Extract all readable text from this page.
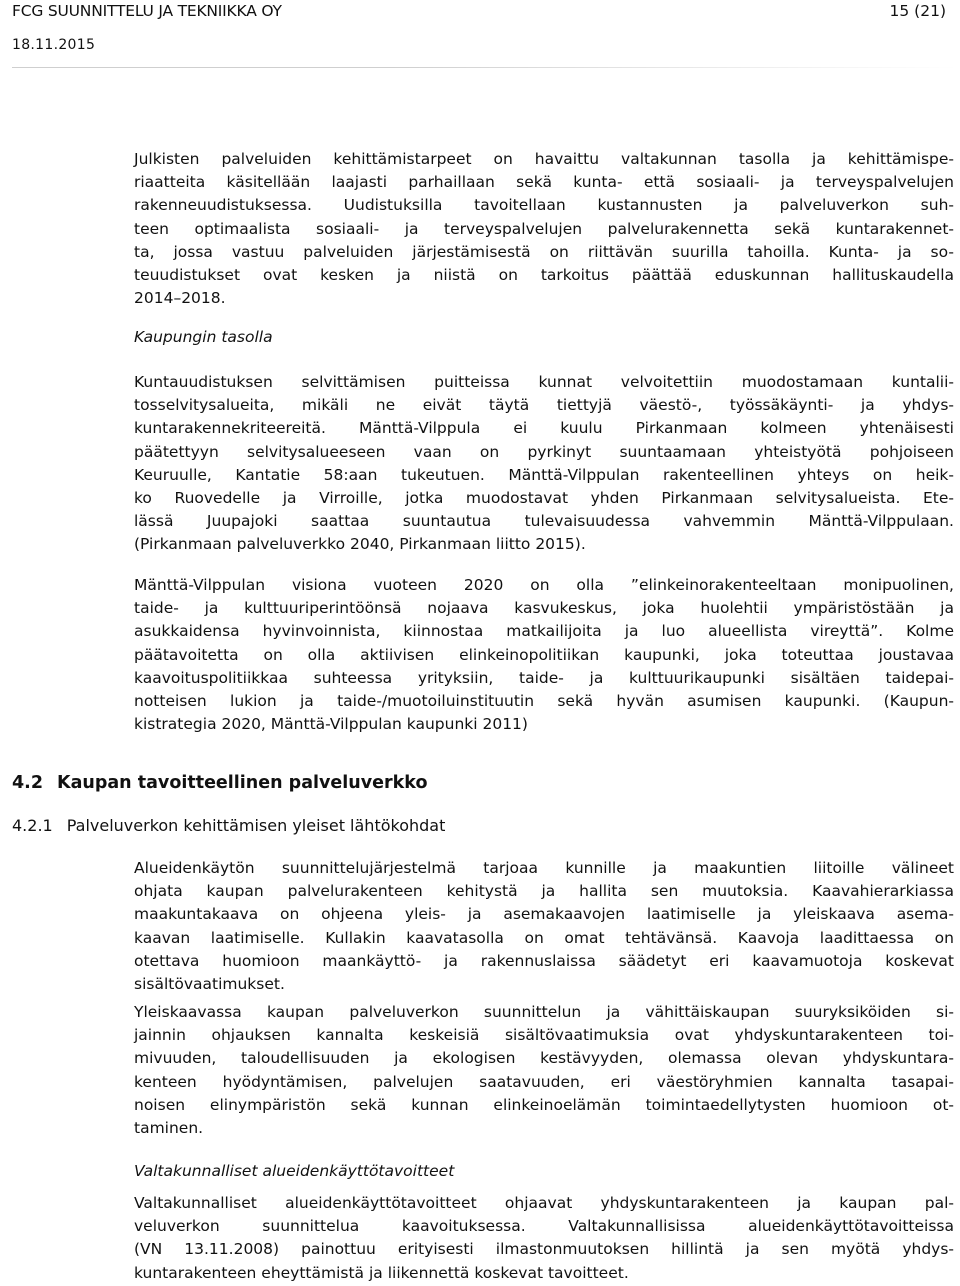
FCG SUUNNITTELU JA TEKNIIKKA OY	15 (21)
18.11.2015
Julkisten palveluiden kehittämistarpeet on havaittu valtakunnan tasolla ja kehittämispe-
riaatteita käsitellään laajasti parhaillaan sekä kunta- että sosiaali- ja terveyspalvelujen
rakenneuudistuksessa. Uudistuksilla tavoitellaan kustannusten ja palveluverkon suh-
teen optimaalista sosiaali- ja terveyspalvelujen palvelurakennetta sekä kuntarakennet-
ta, jossa vastuu palveluiden järjestämisestä on riittävän suurilla tahoilla. Kunta- ja so-
teuudistukset ovat kesken ja niistä on tarkoitus päättää eduskunnan hallituskaudella
2014–2018.
Kaupungin tasolla
Kuntauudistuksen selvittämisen puitteissa kunnat velvoitettiin muodostamaan kuntalii-
tosselvitysalueita, mikäli ne eivät täytä tiettyjä väestö-, työssäkäynti- ja yhdys-
kuntarakennekriteereitä. Mänttä-Vilppula ei kuulu Pirkanmaan kolmeen yhtenäisesti
päätettyyn selvitysalueeseen vaan on pyrkinyt suuntaamaan yhteistyötä pohjoiseen
Keuruulle, Kantatie 58:aan tukeutuen. Mänttä-Vilppulan rakenteellinen yhteys on heik-
ko Ruovedelle ja Virroille, jotka muodostavat yhden Pirkanmaan selvitysalueista. Ete-
lässä Juupajoki saattaa suuntautua tulevaisuudessa vahvemmin Mänttä-Vilppulaan.
(Pirkanmaan palveluverkko 2040, Pirkanmaan liitto 2015).
Mänttä-Vilppulan visiona vuoteen 2020 on olla ”elinkeinorakenteeltaan monipuolinen,
taide- ja kulttuuriperintöönsä nojaava kasvukeskus, joka huolehtii ympäristöstään ja
asukkaidensa hyvinvoinnista, kiinnostaa matkailijoita ja luo alueellista vireyttä”. Kolme
päätavoitetta on olla aktiivisen elinkeinopolitiikan kaupunki, joka toteuttaa joustavaa
kaavoituspolitiikkaa suhteessa yrityksiin, taide- ja kulttuurikaupunki sisältäen taidepai-
notteisen lukion ja taide-/muotoiluinstituutin sekä hyvän asumisen kaupunki. (Kaupun-
kistrategia 2020, Mänttä-Vilppulan kaupunki 2011)
4.2 Kaupan tavoitteellinen palveluverkko
4.2.1 Palveluverkon kehittämisen yleiset lähtökohdat
Alueidenkäytön suunnittelujärjestelmä tarjoaa kunnille ja maakuntien liitoille välineet
ohjata kaupan palvelurakenteen kehitystä ja hallita sen muutoksia. Kaavahierarkiassa
maakuntakaava on ohjeena yleis- ja asemakaavojen laatimiselle ja yleiskaava asema-
kaavan laatimiselle. Kullakin kaavatasolla on omat tehtävänsä. Kaavoja laadittaessa on
otettava huomioon maankäyttö- ja rakennuslaissa säädetyt eri kaavamuotoja koskevat
sisältövaatimukset.
Yleiskaavassa kaupan palveluverkon suunnittelun ja vähittäiskaupan suuryksiköiden si-
jainnin ohjauksen kannalta keskeisiä sisältövaatimuksia ovat yhdyskuntarakenteen toi-
mivuuden, taloudellisuuden ja ekologisen kestävyyden, olemassa olevan yhdyskuntara-
kenteen hyödyntämisen, palvelujen saatavuuden, eri väestöryhmien kannalta tasapai-
noisen elinympäristön sekä kunnan elinkeinoelämän toimintaedellytysten huomioon ot-
taminen.
Valtakunnalliset alueidenkäyttötavoitteet
Valtakunnalliset alueidenkäyttötavoitteet ohjaavat yhdyskuntarakenteen ja kaupan pal-
veluverkon suunnittelua kaavoituksessa. Valtakunnallisissa alueidenkäyttötavoitteissa
(VN 13.11.2008) painottuu erityisesti ilmastonmuutoksen hillintä ja sen myötä yhdys-
kuntarakenteen eheyttämistä ja liikennettä koskevat tavoitteet.
